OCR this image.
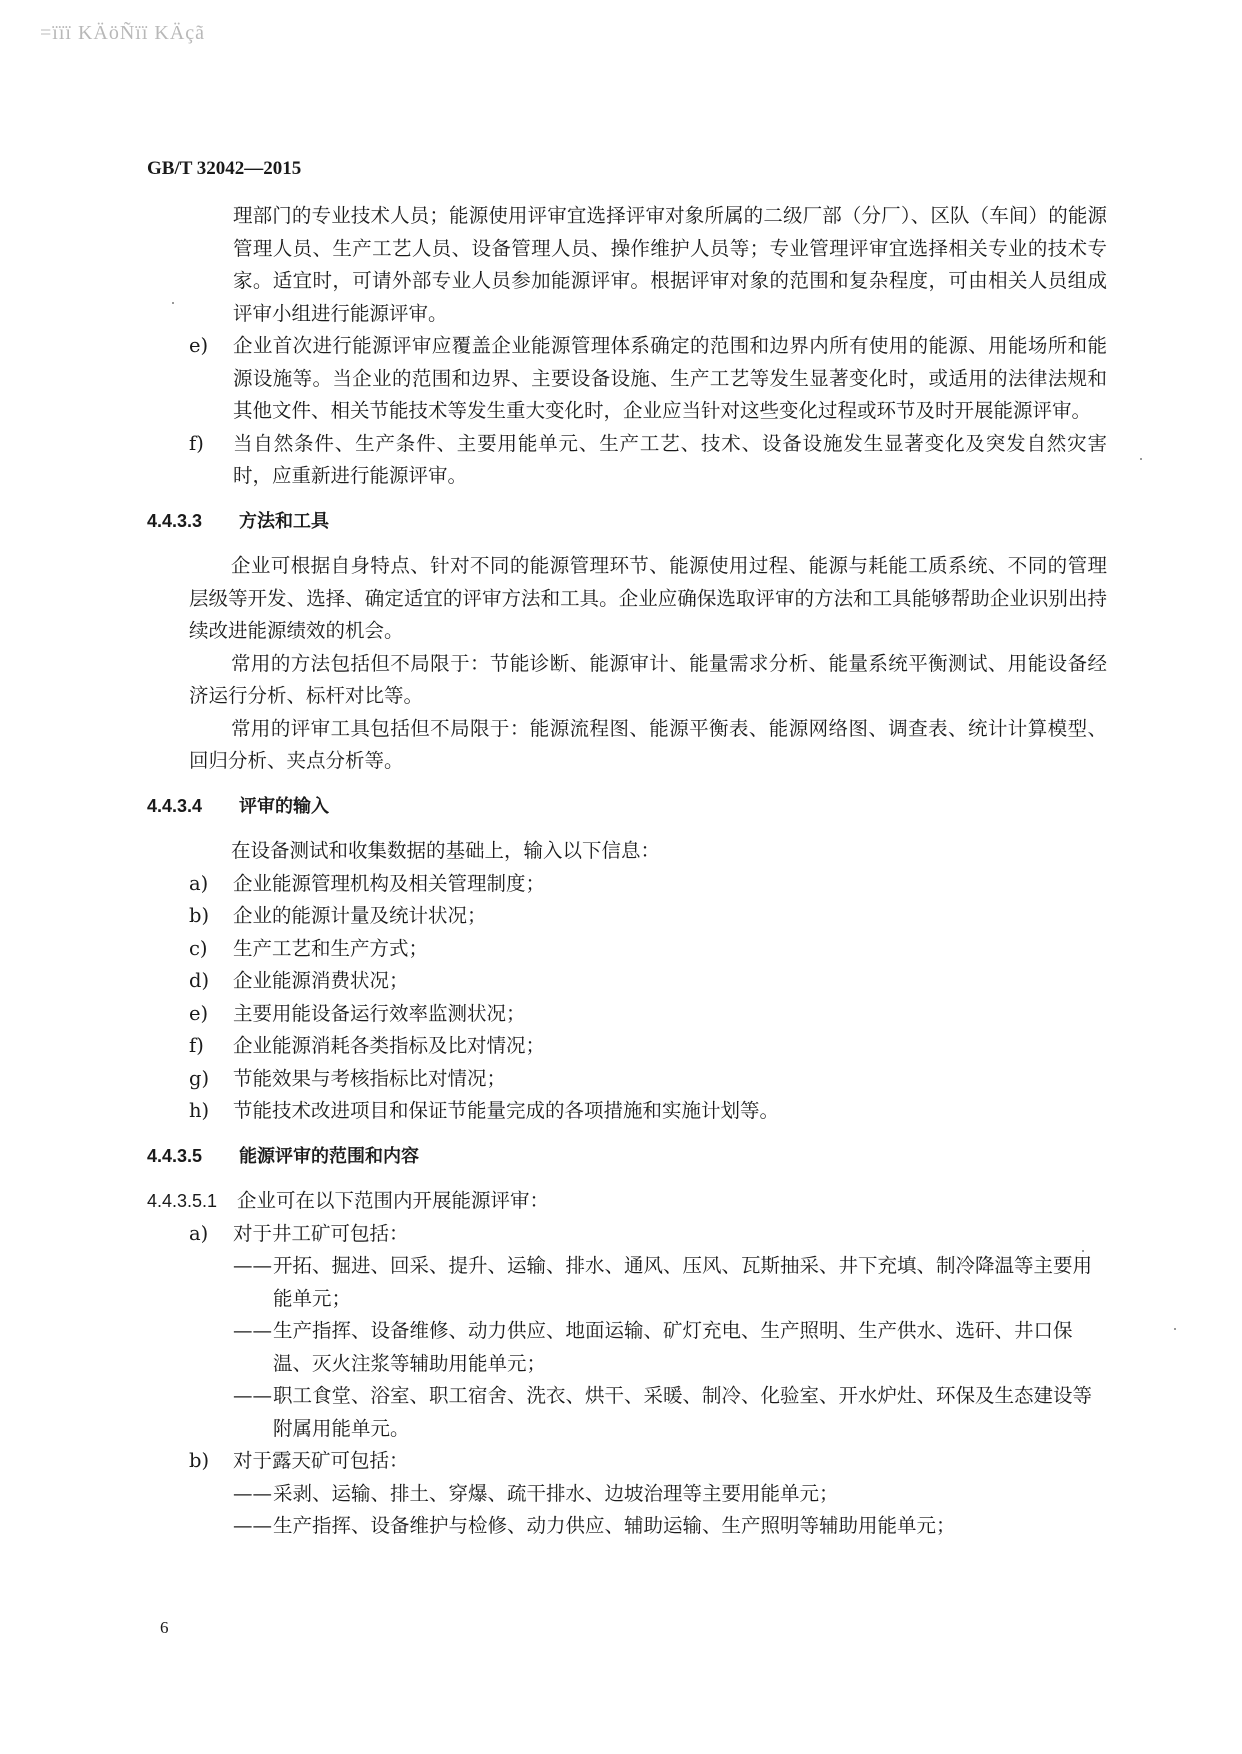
=ïïï KÄöÑïï KÄçã
GB/T 32042—2015

理部门的专业技术人员；能源使用评审宜选择评审对象所属的二级厂部（分厂）、区队（车间）的能源管理人员、生产工艺人员、设备管理人员、操作维护人员等；专业管理评审宜选择相关专业的技术专家。适宜时，可请外部专业人员参加能源评审。根据评审对象的范围和复杂程度，可由相关人员组成评审小组进行能源评审。

e) 企业首次进行能源评审应覆盖企业能源管理体系确定的范围和边界内所有使用的能源、用能场所和能源设施等。当企业的范围和边界、主要设备设施、生产工艺等发生显著变化时，或适用的法律法规和其他文件、相关节能技术等发生重大变化时，企业应当针对这些变化过程或环节及时开展能源评审。
f) 当自然条件、生产条件、主要用能单元、生产工艺、技术、设备设施发生显著变化及突发自然灾害时，应重新进行能源评审。
4.4.3.3 方法和工具

企业可根据自身特点、针对不同的能源管理环节、能源使用过程、能源与耗能工质系统、不同的管理层级等开发、选择、确定适宜的评审方法和工具。企业应确保选取评审的方法和工具能够帮助企业识别出持续改进能源绩效的机会。

常用的方法包括但不局限于：节能诊断、能源审计、能量需求分析、能量系统平衡测试、用能设备经济运行分析、标杆对比等。

常用的评审工具包括但不局限于：能源流程图、能源平衡表、能源网络图、调查表、统计计算模型、回归分析、夹点分析等。

4.4.3.4 评审的输入

在设备测试和收集数据的基础上，输入以下信息：

a) 企业能源管理机构及相关管理制度；
b) 企业的能源计量及统计状况；
c) 生产工艺和生产方式；
d) 企业能源消费状况；
e) 主要用能设备运行效率监测状况；
f) 企业能源消耗各类指标及比对情况；
g) 节能效果与考核指标比对情况；
h) 节能技术改进项目和保证节能量完成的各项措施和实施计划等。
4.4.3.5 能源评审的范围和内容
4.4.3.5.1 企业可在以下范围内开展能源评审：
a) 对于井工矿可包括：
—— 开拓、掘进、回采、提升、运输、排水、通风、压风、瓦斯抽采、井下充填、制冷降温等主要用能单元；
—— 生产指挥、设备维修、动力供应、地面运输、矿灯充电、生产照明、生产供水、选矸、井口保温、灭火注浆等辅助用能单元；
—— 职工食堂、浴室、职工宿舍、洗衣、烘干、采暖、制冷、化验室、开水炉灶、环保及生态建设等附属用能单元。
b) 对于露天矿可包括：
—— 采剥、运输、排土、穿爆、疏干排水、边坡治理等主要用能单元；
—— 生产指挥、设备维护与检修、动力供应、辅助运输、生产照明等辅助用能单元；
6
